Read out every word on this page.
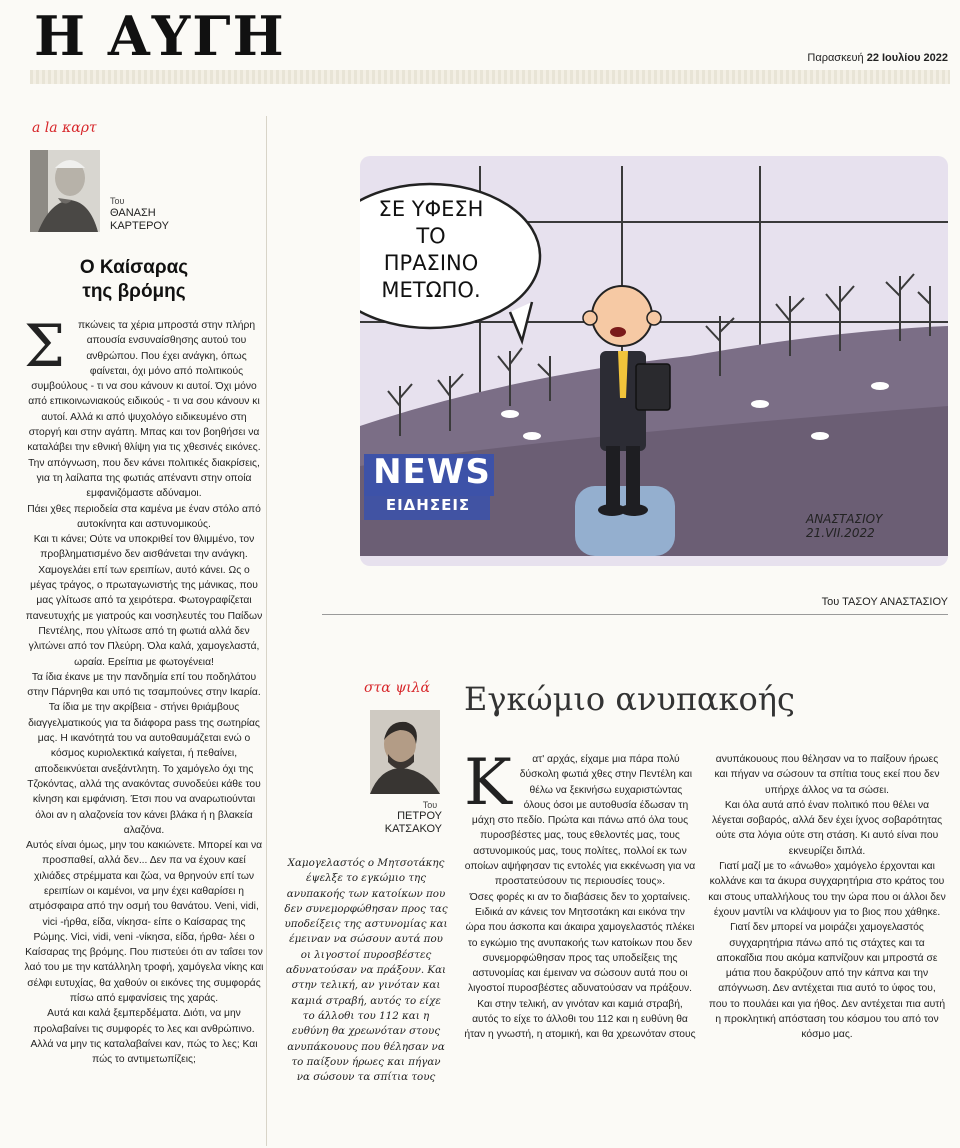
Η ΑΥΓΗ	Παρασκευή 22 Ιουλίου 2022
a la καρτ
Του
ΘΑΝΑΣΗ
ΚΑΡΤΕΡΟΥ
Ο Καίσαρας
της βρόμης
Σ	πκώνεις τα χέρια μπροστά στην πλήρη απουσία ενσυναίσθησης αυτού του ανθρώπου. Που έχει ανάγκη, όπως φαίνεται, όχι μόνο από πολιτικούς συμβούλους - τι να σου κάνουν κι αυτοί. Όχι μόνο από επικοινωνιακούς ειδικούς - τι να σου κάνουν κι αυτοί. Αλλά κι από ψυχολόγο ειδικευμένο στη στοργή και στην αγάπη. Μπας και τον βοηθήσει να καταλάβει την εθνική θλίψη για τις χθεσινές εικόνες. Την απόγνωση, που δεν κάνει πολιτικές διακρίσεις, για τη λαίλαπα της φωτιάς απέναντι στην οποία εμφανιζόμαστε αδύναμοι.

Πάει χθες περιοδεία στα καμένα με έναν στόλο από αυτοκίνητα και αστυνομικούς.

Και τι κάνει; Ούτε να υποκριθεί τον θλιμμένο, τον προβληματισμένο δεν αισθάνεται την ανάγκη. Χαμογελάει επί των ερειπίων, αυτό κάνει. Ως ο μέγας τράγος, ο πρωταγωνιστής της μάνικας, που μας γλίτωσε από τα χειρότερα. Φωτογραφίζεται πανευτυχής με γιατρούς και νοσηλευτές του Παίδων Πεντέλης, που γλίτωσε από τη φωτιά αλλά δεν γλιτώνει από τον Πλεύρη. Όλα καλά, χαμογελαστά, ωραία. Ερείπια με φωτογένεια!

Τα ίδια έκανε με την πανδημία επί του ποδηλάτου στην Πάρνηθα και υπό τις τσαμπούνες στην Ικαρία. Τα ίδια με την ακρίβεια - στήνει θριάμβους διαγγελματικούς για τα διάφορα pass της σωτηρίας μας. Η ικανότητά του να αυτοθαυμάζεται ενώ ο κόσμος κυριολεκτικά καίγεται, ή πεθαίνει, αποδεικνύεται ανεξάντλητη. Το χαμόγελο όχι της Τζοκόντας, αλλά της ανακόντας συνοδεύει κάθε του κίνηση και εμφάνιση. Έτσι που να αναρωτιούνται όλοι αν η αλαζονεία τον κάνει βλάκα ή η βλακεία αλαζόνα.

Αυτός είναι όμως, μην του κακιώνετε. Μπορεί και να προσπαθεί, αλλά δεν... Δεν πα να έχουν καεί χιλιάδες στρέμματα και ζώα, να θρηνούν επί των ερειπίων οι καμένοι, να μην έχει καθαρίσει η ατμόσφαιρα από την οσμή του θανάτου. Veni, vidi, vici -ήρθα, είδα, νίκησα- είπε ο Καίσαρας της Ρώμης. Vici, vidi, veni -νίκησα, είδα, ήρθα- λέει ο Καίσαρας της βρόμης. Που πιστεύει ότι αν ταΐσει τον λαό του με την κατάλληλη τροφή, χαμόγελα νίκης και σέλφι ευτυχίας, θα χαθούν οι εικόνες της συμφοράς πίσω από εμφανίσεις της χαράς.

Αυτά και καλά ξεμπερδέματα. Διότι, να μην προλαβαίνει τις συμφορές το λες και ανθρώπινο. Αλλά να μην τις καταλαβαίνει καν, πώς το λες; Και πώς το αντιμετωπίζεις;

ΣΕ ΥΦΕΣΗ
ΤΟ ΠΡΑΣΙΝΟ
ΜΕΤΩΠΟ.
NEWS
ΕΙΔΗΣΕΙΣ
ΑΝΑΣΤΑΣΙΟΥ
21.VII.2022
Του ΤΑΣΟΥ ΑΝΑΣΤΑΣΙΟΥ
στα ψιλά
Του
ΠΕΤΡΟΥ
ΚΑΤΣΑΚΟΥ
Εγκώμιο ανυπακοής
Χαμογελαστός ο Μητσοτάκης έψελξε το εγκώμιο της ανυπακοής των κατοίκων που δεν συνεμορφώθησαν προς τας υποδείξεις της αστυνομίας και έμειναν να σώσουν αυτά που οι λιγοστοί πυροσβέστες αδυνατούσαν να πράξουν. Και στην τελική, αν γινόταν και καμιά στραβή, αυτός το είχε το άλλοθι του 112 και η ευθύνη θα χρεωνόταν στους ανυπάκουους που θέλησαν να το παίξουν ήρωες και πήγαν να σώσουν τα σπίτια τους
Κ	ατ' αρχάς, είχαμε μια πάρα πολύ δύσκολη φωτιά χθες στην Πεντέλη και θέλω να ξεκινήσω ευχαριστώντας όλους όσοι με αυτοθυσία έδωσαν τη μάχη στο πεδίο. Πρώτα και πάνω από όλα τους πυροσβέστες μας, τους εθελοντές μας, τους αστυνομικούς μας, τους πολίτες, πολλοί εκ των οποίων αψήφησαν τις εντολές για εκκένωση για να προστατεύσουν τις περιουσίες τους».

Όσες φορές κι αν το διαβάσεις δεν το χορταίνεις. Ειδικά αν κάνεις τον Μητσοτάκη και εικόνα την ώρα που άσκοπα και άκαιρα χαμογελαστός πλέκει το εγκώμιο της ανυπακοής των κατοίκων που δεν συνεμορφώθησαν προς τας υποδείξεις της αστυνομίας και έμειναν να σώσουν αυτά που οι λιγοστοί πυροσβέστες αδυνατούσαν να πράξουν. Και στην τελική, αν γινόταν και καμιά στραβή, αυτός το είχε το άλλοθι του 112 και η ευθύνη θα ήταν η γνωστή, η ατομική, και θα χρεωνόταν στους

ανυπάκουους που θέλησαν να το παίξουν ήρωες και πήγαν να σώσουν τα σπίτια τους εκεί που δεν υπήρχε άλλος να τα σώσει.

Και όλα αυτά από έναν πολιτικό που θέλει να λέγεται σοβαρός, αλλά δεν έχει ίχνος σοβαρότητας ούτε στα λόγια ούτε στη στάση. Κι αυτό είναι που εκνευρίζει διπλά.

Γιατί μαζί με το «άνωθο» χαμόγελο έρχονται και κολλάνε και τα άκυρα συγχαρητήρια στο κράτος του και στους υπαλλήλους του την ώρα που οι άλλοι δεν έχουν μαντίλι να κλάψουν για το βιος που χάθηκε.

Γιατί δεν μπορεί να μοιράζει χαμογελαστός συγχαρητήρια πάνω από τις στάχτες και τα αποκαΐδια που ακόμα καπνίζουν και μπροστά σε μάτια που δακρύζουν από την κάπνα και την απόγνωση. Δεν αντέχεται πια αυτό το ύφος του, που το πουλάει και για ήθος. Δεν αντέχεται πια αυτή η προκλητική απόσταση του κόσμου του από τον κόσμο μας.
